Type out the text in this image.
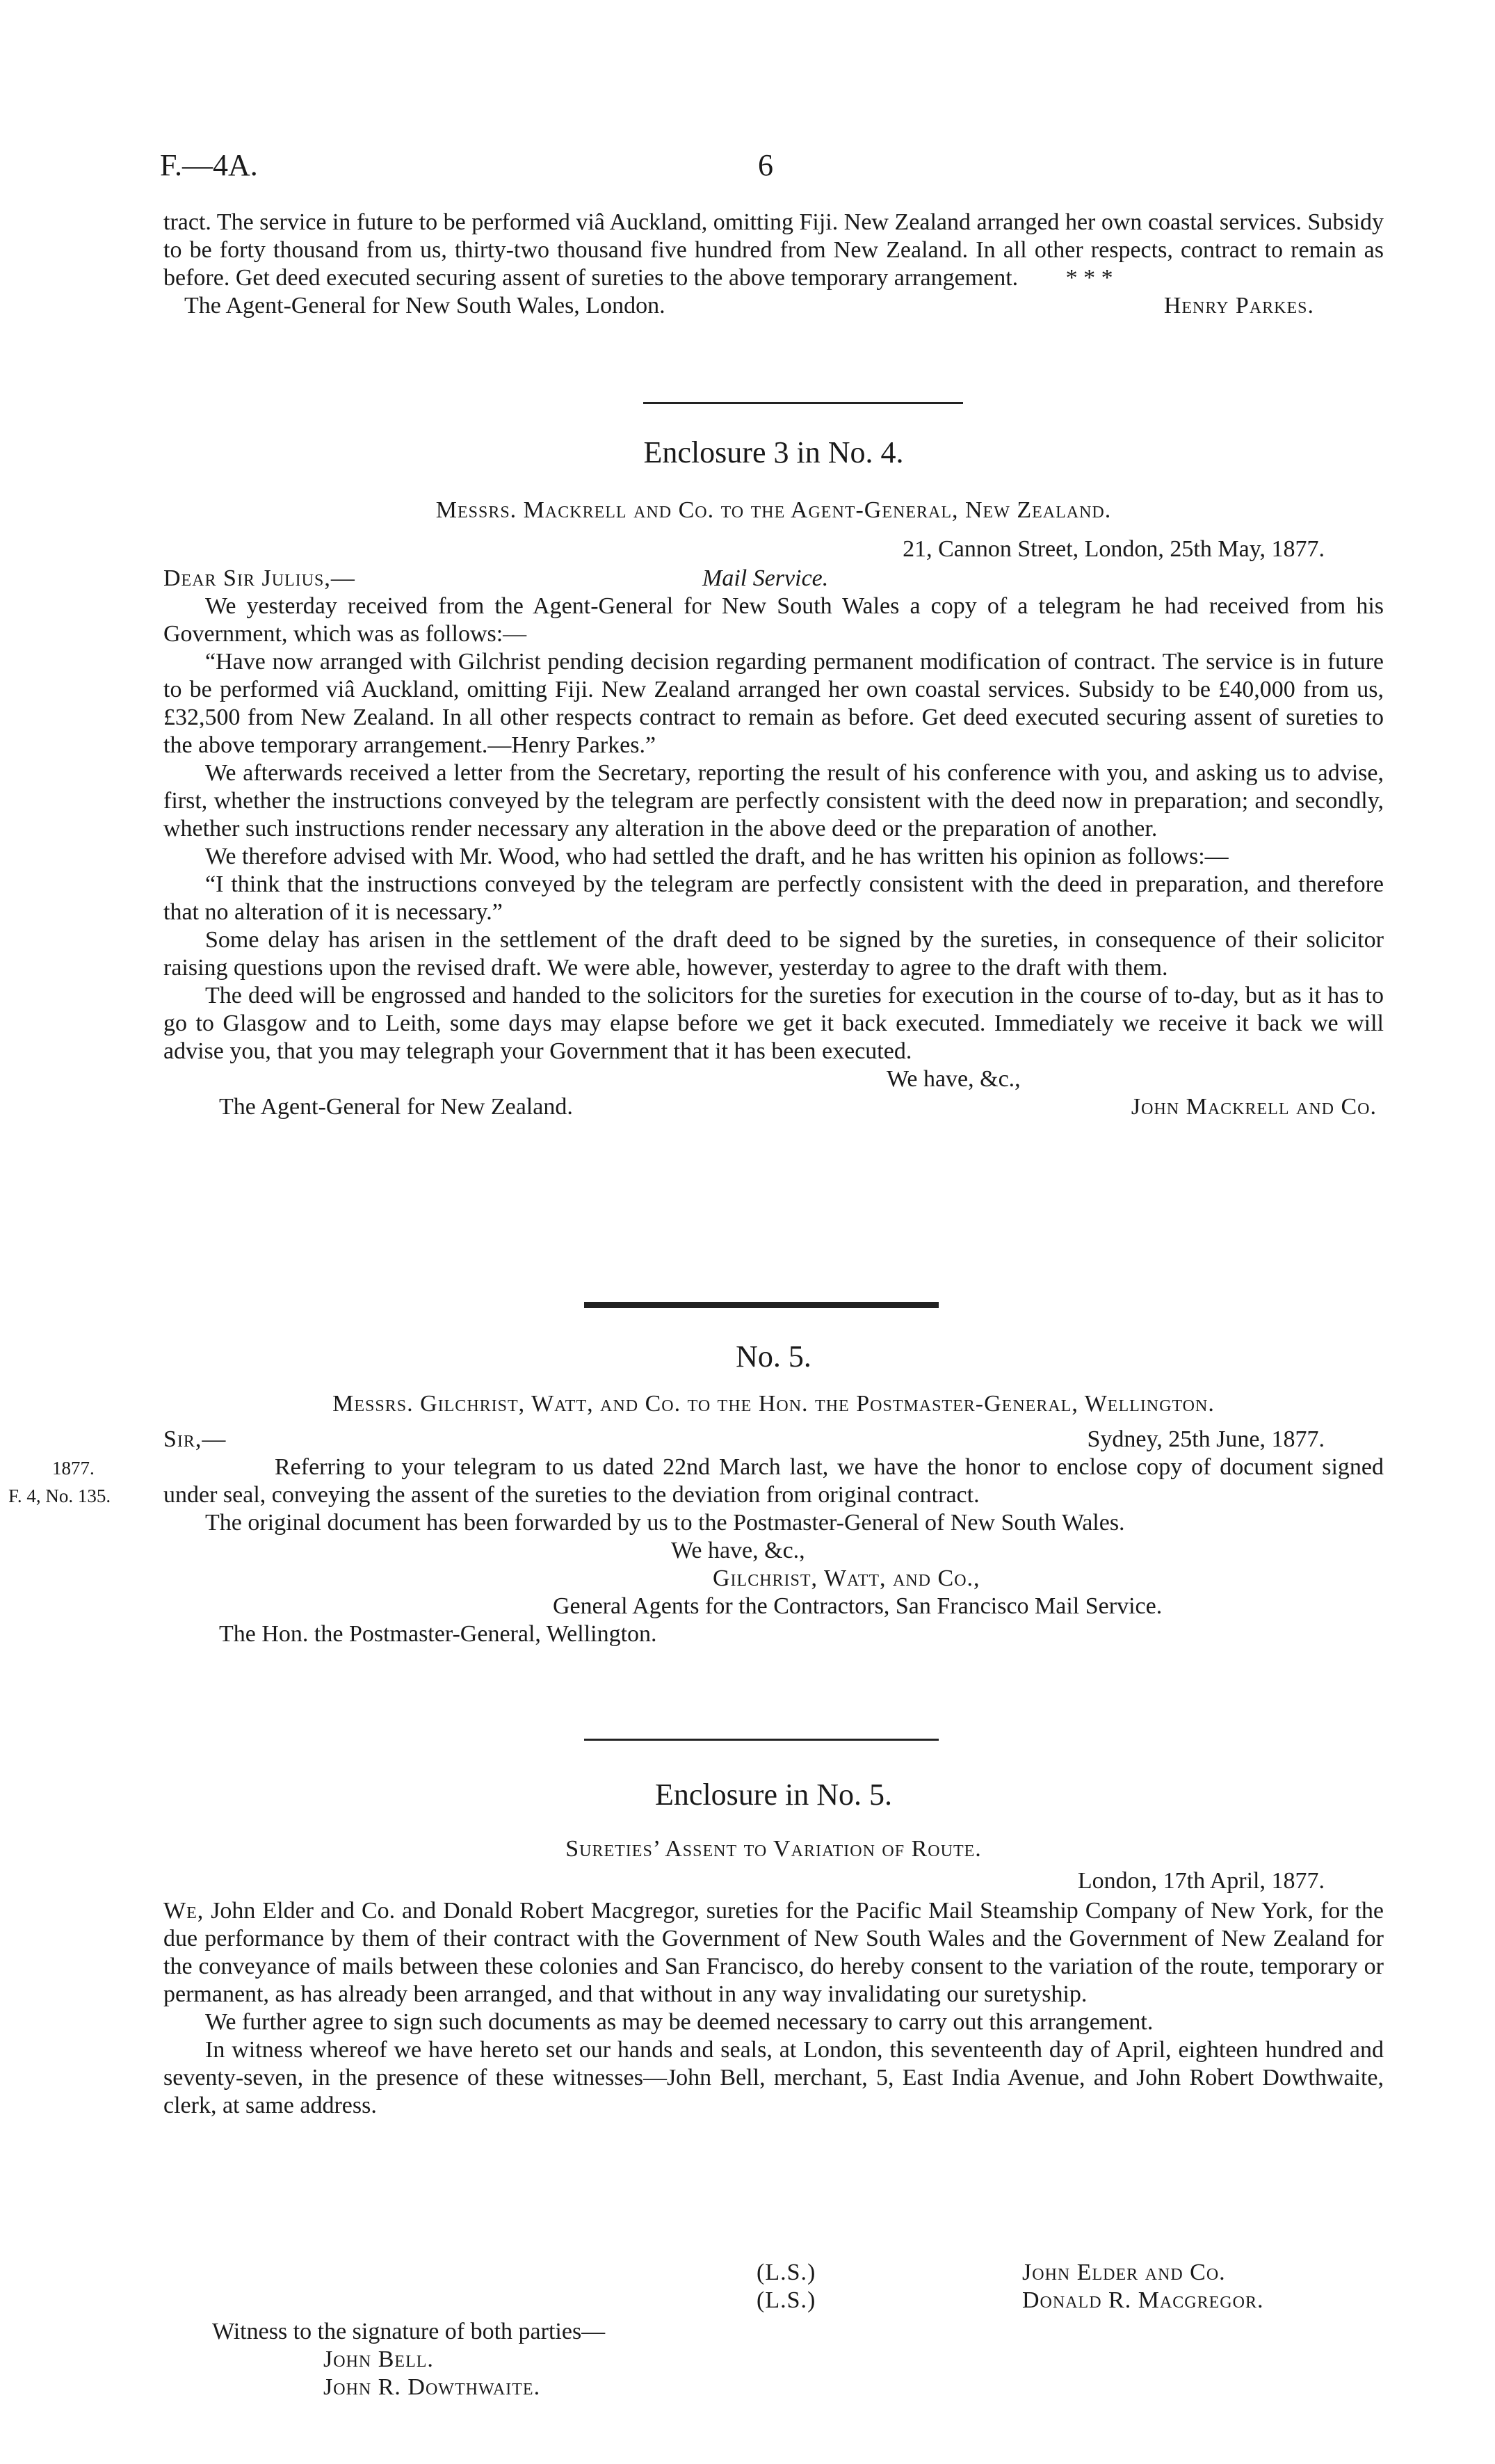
F.—4A.	6

tract. The service in future to be performed viâ Auckland, omitting Fiji. New Zealand arranged her own coastal services. Subsidy to be forty thousand from us, thirty-two thousand five hundred from New Zealand. In all other respects, contract to remain as before. Get deed executed securing assent of sureties to the above temporary arrangement. * * *

The Agent-General for New South Wales, London.	Henry Parkes.
Enclosure 3 in No. 4.
Messrs. Mackrell and Co. to the Agent-General, New Zealand.
21, Cannon Street, London, 25th May, 1877.
Dear Sir Julius,—	Mail Service.

We yesterday received from the Agent-General for New South Wales a copy of a telegram he had received from his Government, which was as follows:—

“Have now arranged with Gilchrist pending decision regarding permanent modification of contract. The service is in future to be performed viâ Auckland, omitting Fiji. New Zealand arranged her own coastal services. Subsidy to be £40,000 from us, £32,500 from New Zealand. In all other respects contract to remain as before. Get deed executed securing assent of sureties to the above temporary arrangement.—Henry Parkes.”

We afterwards received a letter from the Secretary, reporting the result of his conference with you, and asking us to advise, first, whether the instructions conveyed by the telegram are perfectly consistent with the deed now in preparation; and secondly, whether such instructions render necessary any alteration in the above deed or the preparation of another.

We therefore advised with Mr. Wood, who had settled the draft, and he has written his opinion as follows:—

“I think that the instructions conveyed by the telegram are perfectly consistent with the deed in preparation, and therefore that no alteration of it is necessary.”

Some delay has arisen in the settlement of the draft deed to be signed by the sureties, in consequence of their solicitor raising questions upon the revised draft. We were able, however, yesterday to agree to the draft with them.

The deed will be engrossed and handed to the solicitors for the sureties for execution in the course of to-day, but as it has to go to Glasgow and to Leith, some days may elapse before we get it back executed. Immediately we receive it back we will advise you, that you may telegraph your Government that it has been executed.

We have, &c.,
The Agent-General for New Zealand.	John Mackrell and Co.
No. 5.
Messrs. Gilchrist, Watt, and Co. to the Hon. the Postmaster-General, Wellington.
Sir,—	Sydney, 25th June, 1877.
1877.
F. 4, No. 135.

Referring to your telegram to us dated 22nd March last, we have the honor to enclose copy of document signed under seal, conveying the assent of the sureties to the deviation from original contract.

The original document has been forwarded by us to the Postmaster-General of New South Wales.

We have, &c.,
Gilchrist, Watt, and Co.,
General Agents for the Contractors, San Francisco Mail Service.
The Hon. the Postmaster-General, Wellington.
Enclosure in No. 5.
Sureties’ Assent to Variation of Route.
London, 17th April, 1877.

We, John Elder and Co. and Donald Robert Macgregor, sureties for the Pacific Mail Steamship Company of New York, for the due performance by them of their contract with the Government of New South Wales and the Government of New Zealand for the conveyance of mails between these colonies and San Francisco, do hereby consent to the variation of the route, temporary or permanent, as has already been arranged, and that without in any way invalidating our suretyship.

We further agree to sign such documents as may be deemed necessary to carry out this arrangement.

In witness whereof we have hereto set our hands and seals, at London, this seventeenth day of April, eighteen hundred and seventy-seven, in the presence of these witnesses—John Bell, merchant, 5, East India Avenue, and John Robert Dowthwaite, clerk, at same address.

(L.S.)	John Elder and Co.
(L.S.)	Donald R. Macgregor.
Witness to the signature of both parties—
John Bell.
John R. Dowthwaite.
